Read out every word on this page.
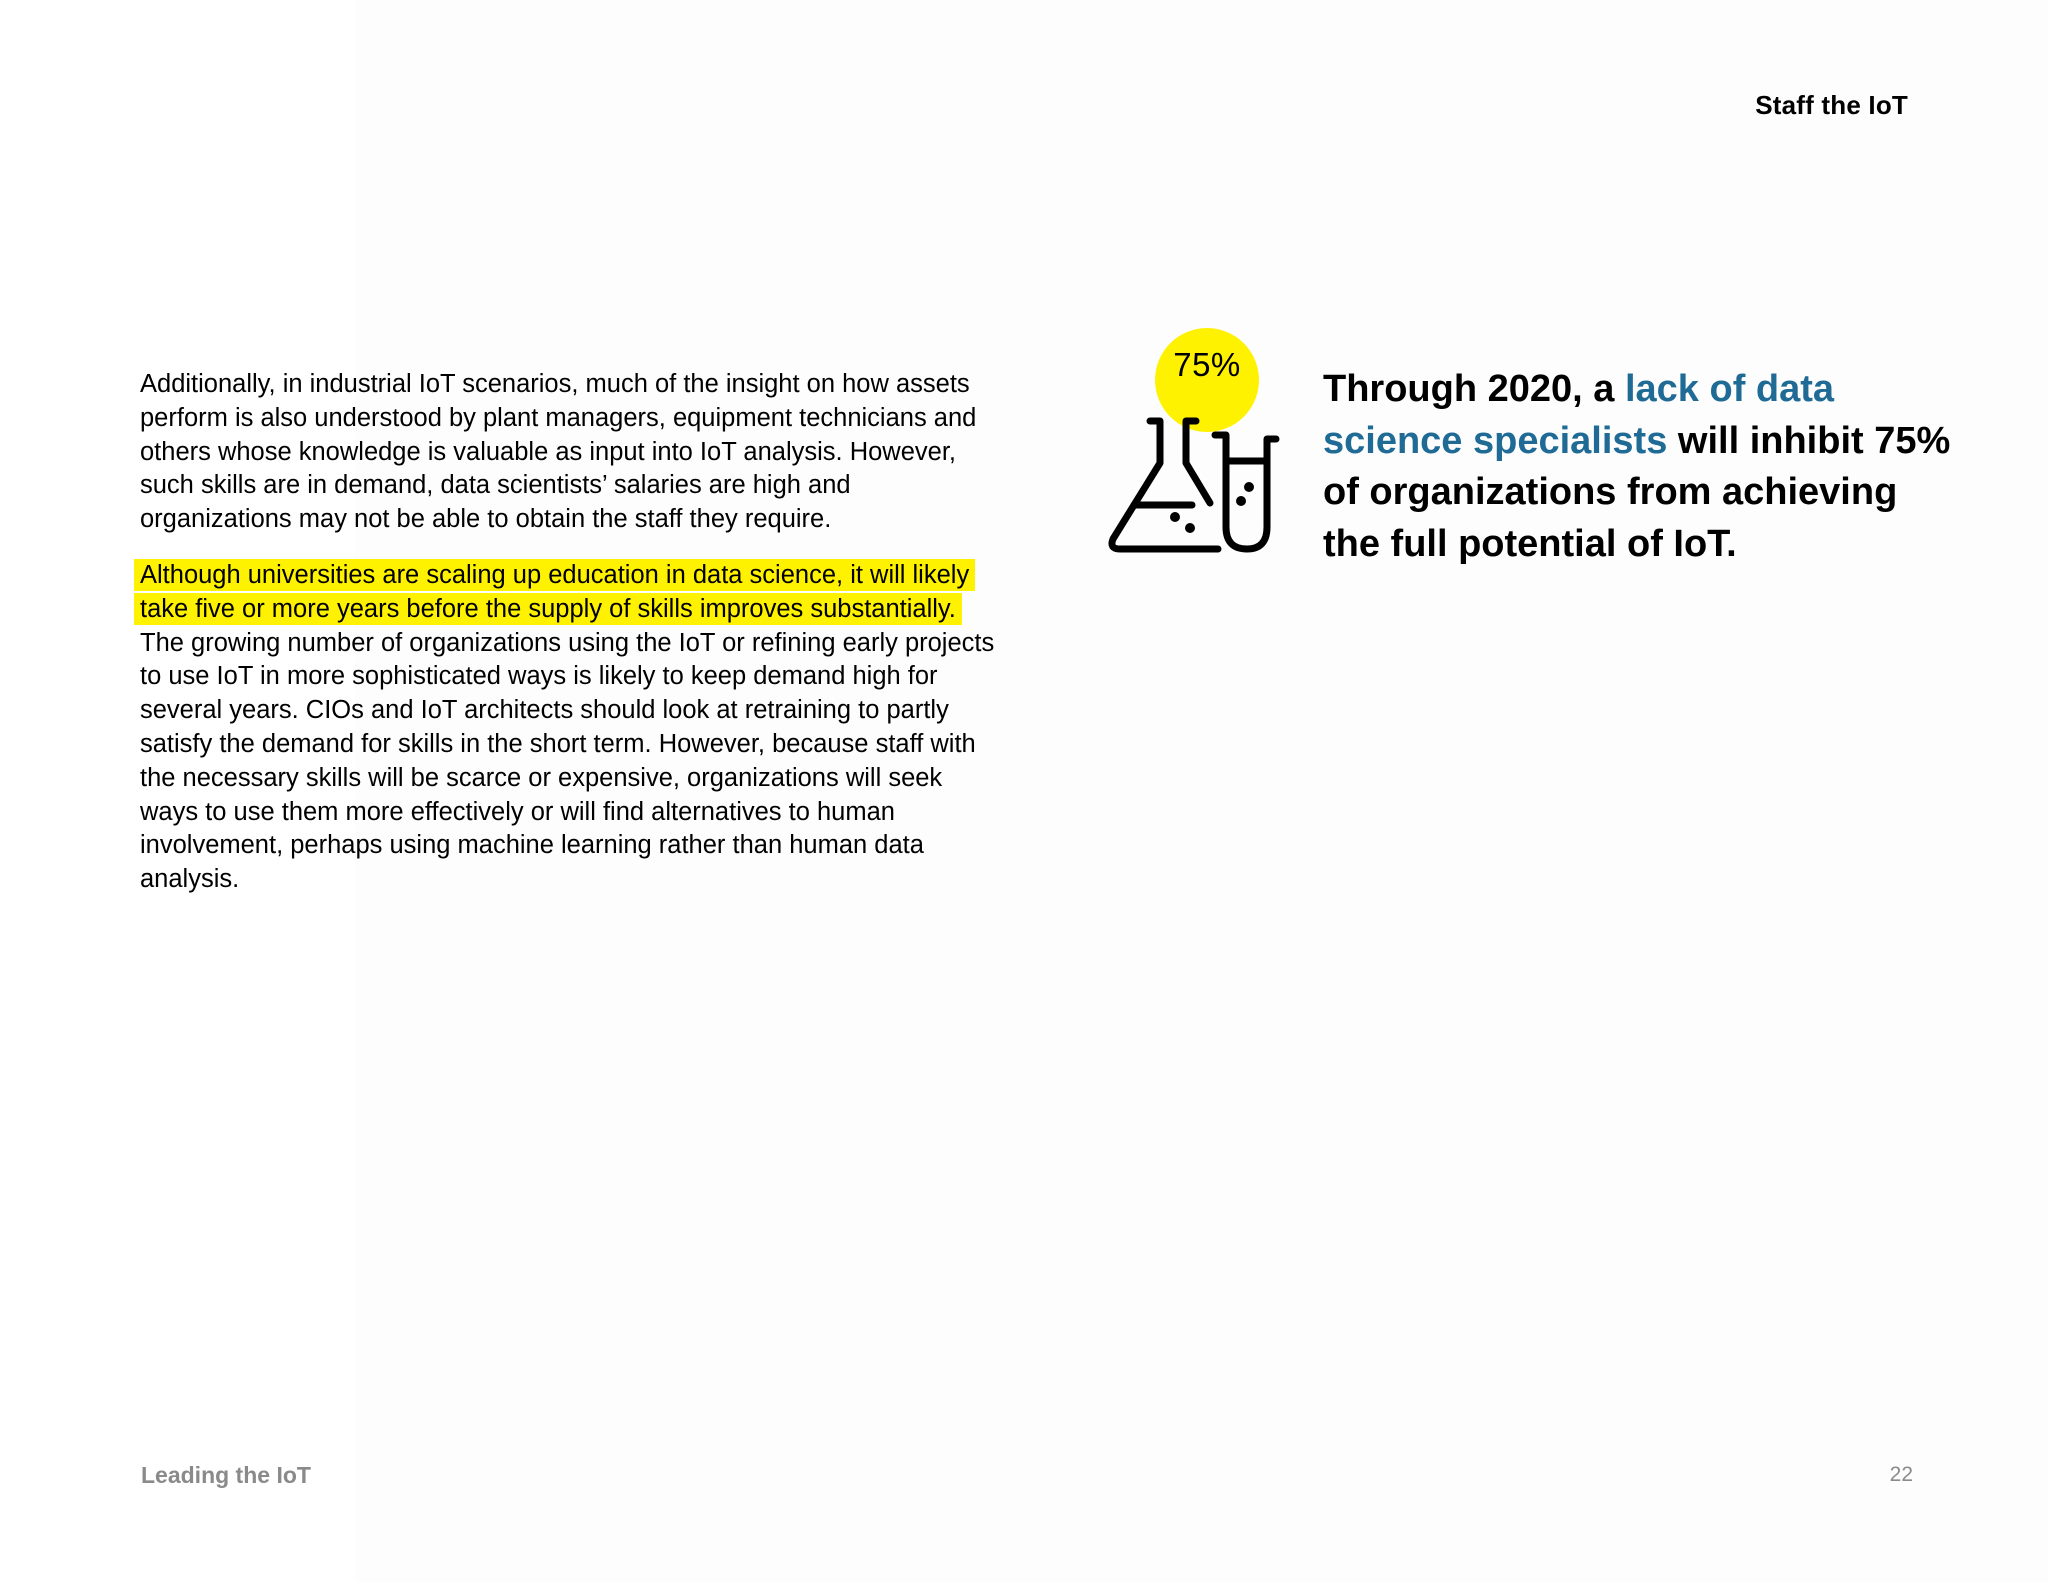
Staff the IoT

Additionally, in industrial IoT scenarios, much of the insight on how assets perform is also understood by plant managers, equipment technicians and others whose knowledge is valuable as input into IoT analysis. However, such skills are in demand, data scientists’ salaries are high and organizations may not be able to obtain the staff they require.

Although universities are scaling up education in data science, it will likely take five or more years before the supply of skills improves substantially. The growing number of organizations using the IoT or refining early projects to use IoT in more sophisticated ways is likely to keep demand high for several years. CIOs and IoT architects should look at retraining to partly satisfy the demand for skills in the short term. However, because staff with the necessary skills will be scarce or expensive, organizations will seek ways to use them more effectively or will find alternatives to human involvement, perhaps using machine learning rather than human data analysis.

75%
Through 2020, a lack of data science specialists will inhibit 75% of organizations from achieving the full potential of IoT.
Leading the IoT	22
